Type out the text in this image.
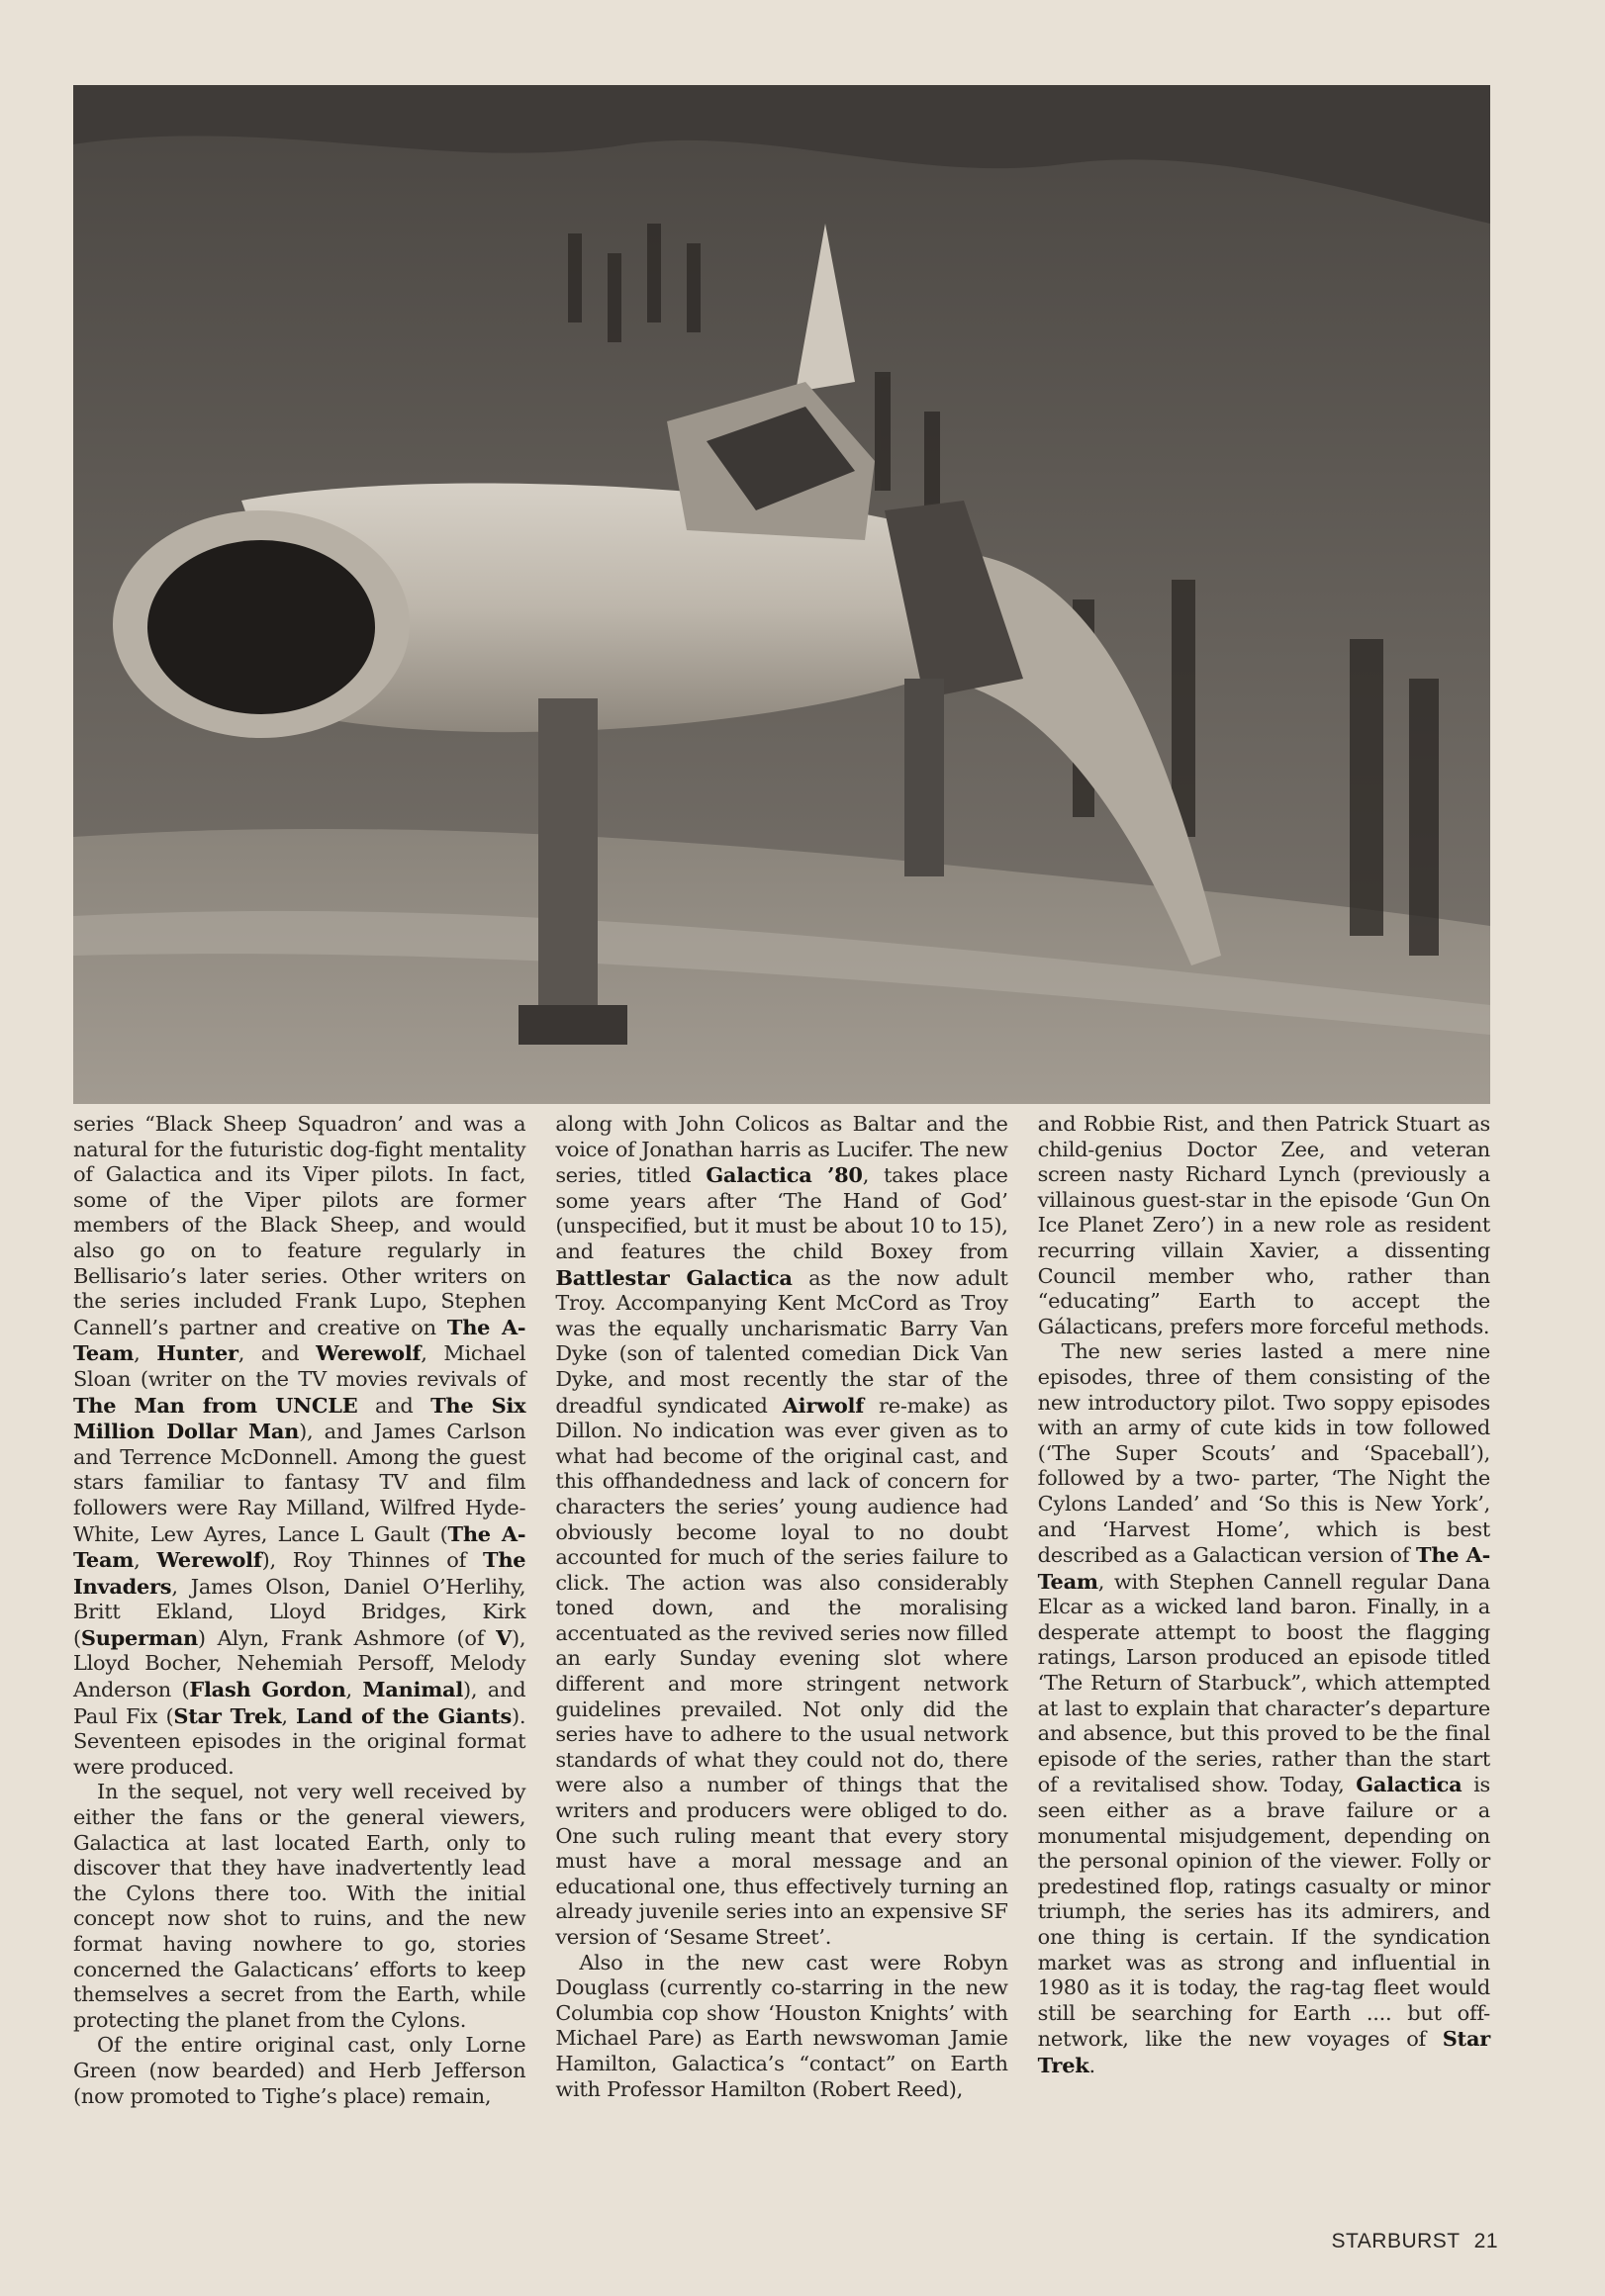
series “Black Sheep Squadron’ and was a natural for the futuristic dog-fight mentality of Galactica and its Viper pilots. In fact, some of the Viper pilots are former members of the Black Sheep, and would also go on to feature regularly in Bellisario’s later series. Other writers on the series included Frank Lupo, Stephen Cannell’s partner and creative on The A-Team, Hunter, and Werewolf, Michael Sloan (writer on the TV movies revivals of The Man from UNCLE and The Six Million Dollar Man), and James Carlson and Terrence McDonnell. Among the guest stars familiar to fantasy TV and film followers were Ray Milland, Wilfred Hyde-White, Lew Ayres, Lance L Gault (The A-Team, Werewolf), Roy Thinnes of The Invaders, James Olson, Daniel O’Herlihy, Britt Ekland, Lloyd Bridges, Kirk (Superman) Alyn, Frank Ashmore (of V), Lloyd Bocher, Nehemiah Persoff, Melody Anderson (Flash Gordon, Manimal), and Paul Fix (Star Trek, Land of the Giants). Seventeen episodes in the original format were produced.

In the sequel, not very well received by either the fans or the general viewers, Galactica at last located Earth, only to discover that they have inadvertently lead the Cylons there too. With the initial concept now shot to ruins, and the new format having nowhere to go, stories concerned the Galacticans’ efforts to keep themselves a secret from the Earth, while protecting the planet from the Cylons.

Of the entire original cast, only Lorne Green (now bearded) and Herb Jefferson (now promoted to Tighe’s place) remain,

along with John Colicos as Baltar and the voice of Jonathan harris as Lucifer. The new series, titled Galactica ’80, takes place some years after ‘The Hand of God’ (unspecified, but it must be about 10 to 15), and features the child Boxey from Battlestar Galactica as the now adult Troy. Accompanying Kent McCord as Troy was the equally uncharismatic Barry Van Dyke (son of talented comedian Dick Van Dyke, and most recently the star of the dreadful syndicated Airwolf re-make) as Dillon. No indication was ever given as to what had become of the original cast, and this offhandedness and lack of concern for characters the series’ young audience had obviously become loyal to no doubt accounted for much of the series failure to click. The action was also considerably toned down, and the moralising accentuated as the revived series now filled an early Sunday evening slot where different and more stringent network guidelines prevailed. Not only did the series have to adhere to the usual network standards of what they could not do, there were also a number of things that the writers and producers were obliged to do. One such ruling meant that every story must have a moral message and an educational one, thus effectively turning an already juvenile series into an expensive SF version of ‘Sesame Street’.

Also in the new cast were Robyn Douglass (currently co-starring in the new Columbia cop show ‘Houston Knights’ with Michael Pare) as Earth newswoman Jamie Hamilton, Galactica’s “contact” on Earth with Professor Hamilton (Robert Reed),

and Robbie Rist, and then Patrick Stuart as child-genius Doctor Zee, and veteran screen nasty Richard Lynch (previously a villainous guest-star in the episode ‘Gun On Ice Planet Zero’) in a new role as resident recurring villain Xavier, a dissenting Council member who, rather than “educating” Earth to accept the Gálacticans, prefers more forceful methods.

The new series lasted a mere nine episodes, three of them consisting of the new introductory pilot. Two soppy episodes with an army of cute kids in tow followed (‘The Super Scouts’ and ‘Spaceball’), followed by a two- parter, ‘The Night the Cylons Landed’ and ‘So this is New York’, and ‘Harvest Home’, which is best described as a Galactican version of The A-Team, with Stephen Cannell regular Dana Elcar as a wicked land baron. Finally, in a desperate attempt to boost the flagging ratings, Larson produced an episode titled ‘The Return of Starbuck”, which attempted at last to explain that character’s departure and absence, but this proved to be the final episode of the series, rather than the start of a revitalised show. Today, Galactica is seen either as a brave failure or a monumental misjudgement, depending on the personal opinion of the viewer. Folly or predestined flop, ratings casualty or minor triumph, the series has its admirers, and one thing is certain. If the syndication market was as strong and influential in 1980 as it is today, the rag-tag fleet would still be searching for Earth .... but off-network, like the new voyages of Star Trek.

STARBURST 21
